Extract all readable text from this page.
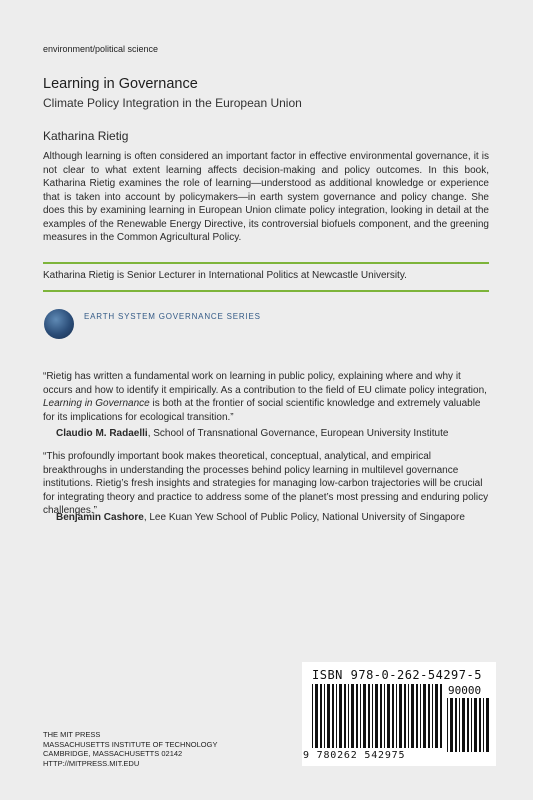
environment/political science
Learning in Governance
Climate Policy Integration in the European Union
Katharina Rietig
Although learning is often considered an important factor in effective environmental governance, it is not clear to what extent learning affects decision-making and policy outcomes. In this book, Katharina Rietig examines the role of learning—understood as additional knowledge or experience that is taken into account by policymakers—in earth system governance and policy change. She does this by examining learning in European Union climate policy integration, looking in detail at the examples of the Renewable Energy Directive, its controversial biofuels component, and the greening measures in the Common Agricultural Policy.
Katharina Rietig is Senior Lecturer in International Politics at Newcastle University.
EARTH SYSTEM GOVERNANCE SERIES
“Rietig has written a fundamental work on learning in public policy, explaining where and why it occurs and how to identify it empirically. As a contribution to the field of EU climate policy integration, Learning in Governance is both at the frontier of social scientific knowledge and extremely valuable for its implications for ecological transition.”
Claudio M. Radaelli, School of Transnational Governance, European University Institute
“This profoundly important book makes theoretical, conceptual, analytical, and empirical breakthroughs in understanding the processes behind policy learning in multilevel governance institutions. Rietig’s fresh insights and strategies for managing low-carbon trajectories will be crucial for integrating theory and practice to address some of the planet’s most pressing and enduring policy challenges.”
Benjamin Cashore, Lee Kuan Yew School of Public Policy, National University of Singapore
THE MIT PRESS
MASSACHUSETTS INSTITUTE OF TECHNOLOGY
CAMBRIDGE, MASSACHUSETTS 02142
HTTP://MITPRESS.MIT.EDU
ISBN 978-0-262-54297-5
90000
9 780262 542975
